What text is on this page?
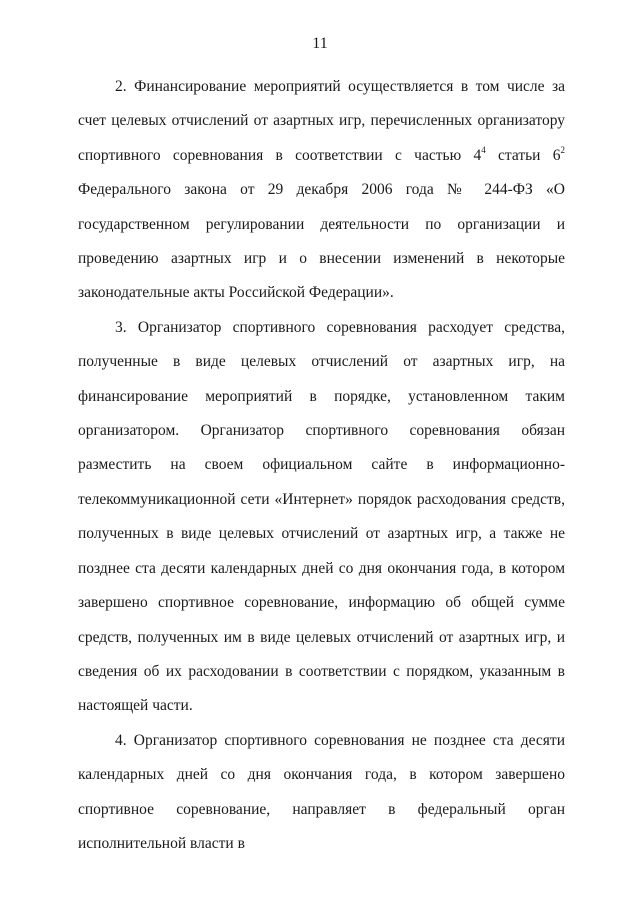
11

2. Финансирование мероприятий осуществляется в том числе за счет целевых отчислений от азартных игр, перечисленных организатору спортивного соревнования в соответствии с частью $4^4$ статьи $6^2$ Федерального закона от 29 декабря 2006 года № 244-ФЗ «О государственном регулировании деятельности по организации и проведению азартных игр и о внесении изменений в некоторые законодательные акты Российской Федерации».

3. Организатор спортивного соревнования расходует средства, полученные в виде целевых отчислений от азартных игр, на финансирование мероприятий в порядке, установленном таким организатором. Организатор спортивного соревнования обязан разместить на своем официальном сайте в информационно-телекоммуникационной сети «Интернет» порядок расходования средств, полученных в виде целевых отчислений от азартных игр, а также не позднее ста десяти календарных дней со дня окончания года, в котором завершено спортивное соревнование, информацию об общей сумме средств, полученных им в виде целевых отчислений от азартных игр, и сведения об их расходовании в соответствии с порядком, указанным в настоящей части.

4. Организатор спортивного соревнования не позднее ста десяти календарных дней со дня окончания года, в котором завершено спортивное соревнование, направляет в федеральный орган исполнительной власти в
